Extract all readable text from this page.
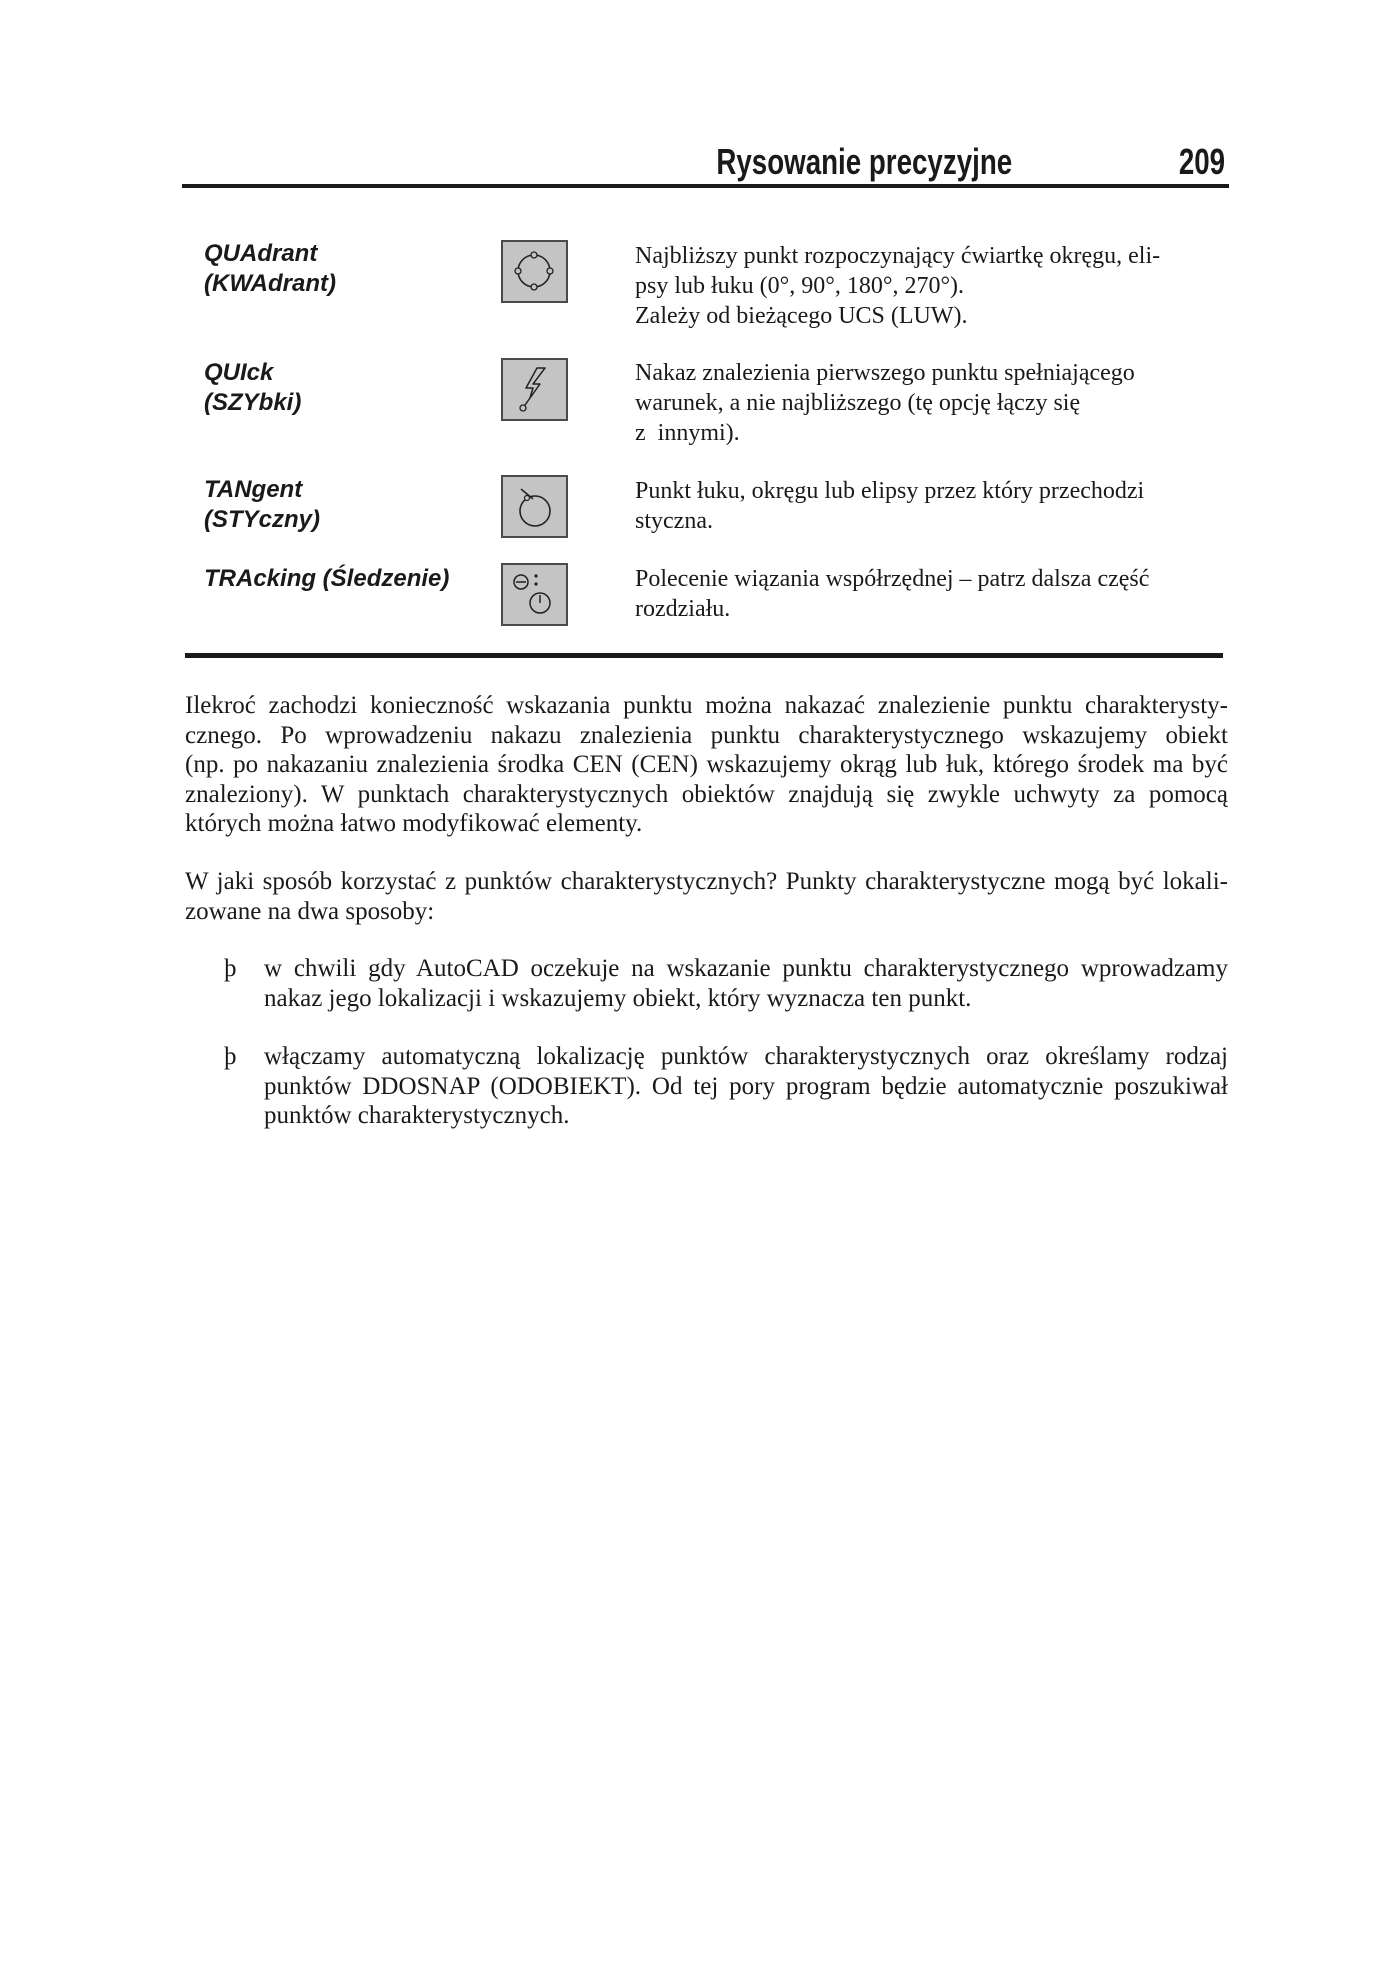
Rysowanie precyzyjne	209
QUAdrant
(KWAdrant)
Najbliższy punkt rozpoczynający ćwiartkę okręgu, eli-
psy lub łuku (0°, 90°, 180°, 270°).
Zależy od bieżącego UCS (LUW).
QUIck
(SZYbki)
Nakaz znalezienia pierwszego punktu spełniającego
warunek, a nie najbliższego (tę opcję łączy się
z  innymi).
TANgent
(STYczny)
Punkt łuku, okręgu lub elipsy przez który przechodzi
styczna.
TRAcking (Śledzenie)	Polecenie wiązania współrzędnej – patrz dalsza część
rozdziału.
Ilekroć zachodzi konieczność wskazania punktu można nakazać znalezienie punktu charakterysty-
cznego. Po wprowadzeniu nakazu znalezienia punktu charakterystycznego wskazujemy obiekt
(np. po nakazaniu znalezienia środka CEN (CEN) wskazujemy okrąg lub łuk, którego środek ma być
znaleziony). W punktach charakterystycznych obiektów znajdują się zwykle uchwyty za pomocą
których można łatwo modyfikować elementy.
W jaki sposób korzystać z punktów charakterystycznych? Punkty charakterystyczne mogą być lokali-
zowane na dwa sposoby:
þ w chwili gdy AutoCAD oczekuje na wskazanie punktu charakterystycznego wprowadzamy
nakaz jego lokalizacji i wskazujemy obiekt, który wyznacza ten punkt.
þ włączamy automatyczną lokalizację punktów charakterystycznych oraz określamy rodzaj
punktów DDOSNAP (ODOBIEKT). Od tej pory program będzie automatycznie poszukiwał
punktów charakterystycznych.
